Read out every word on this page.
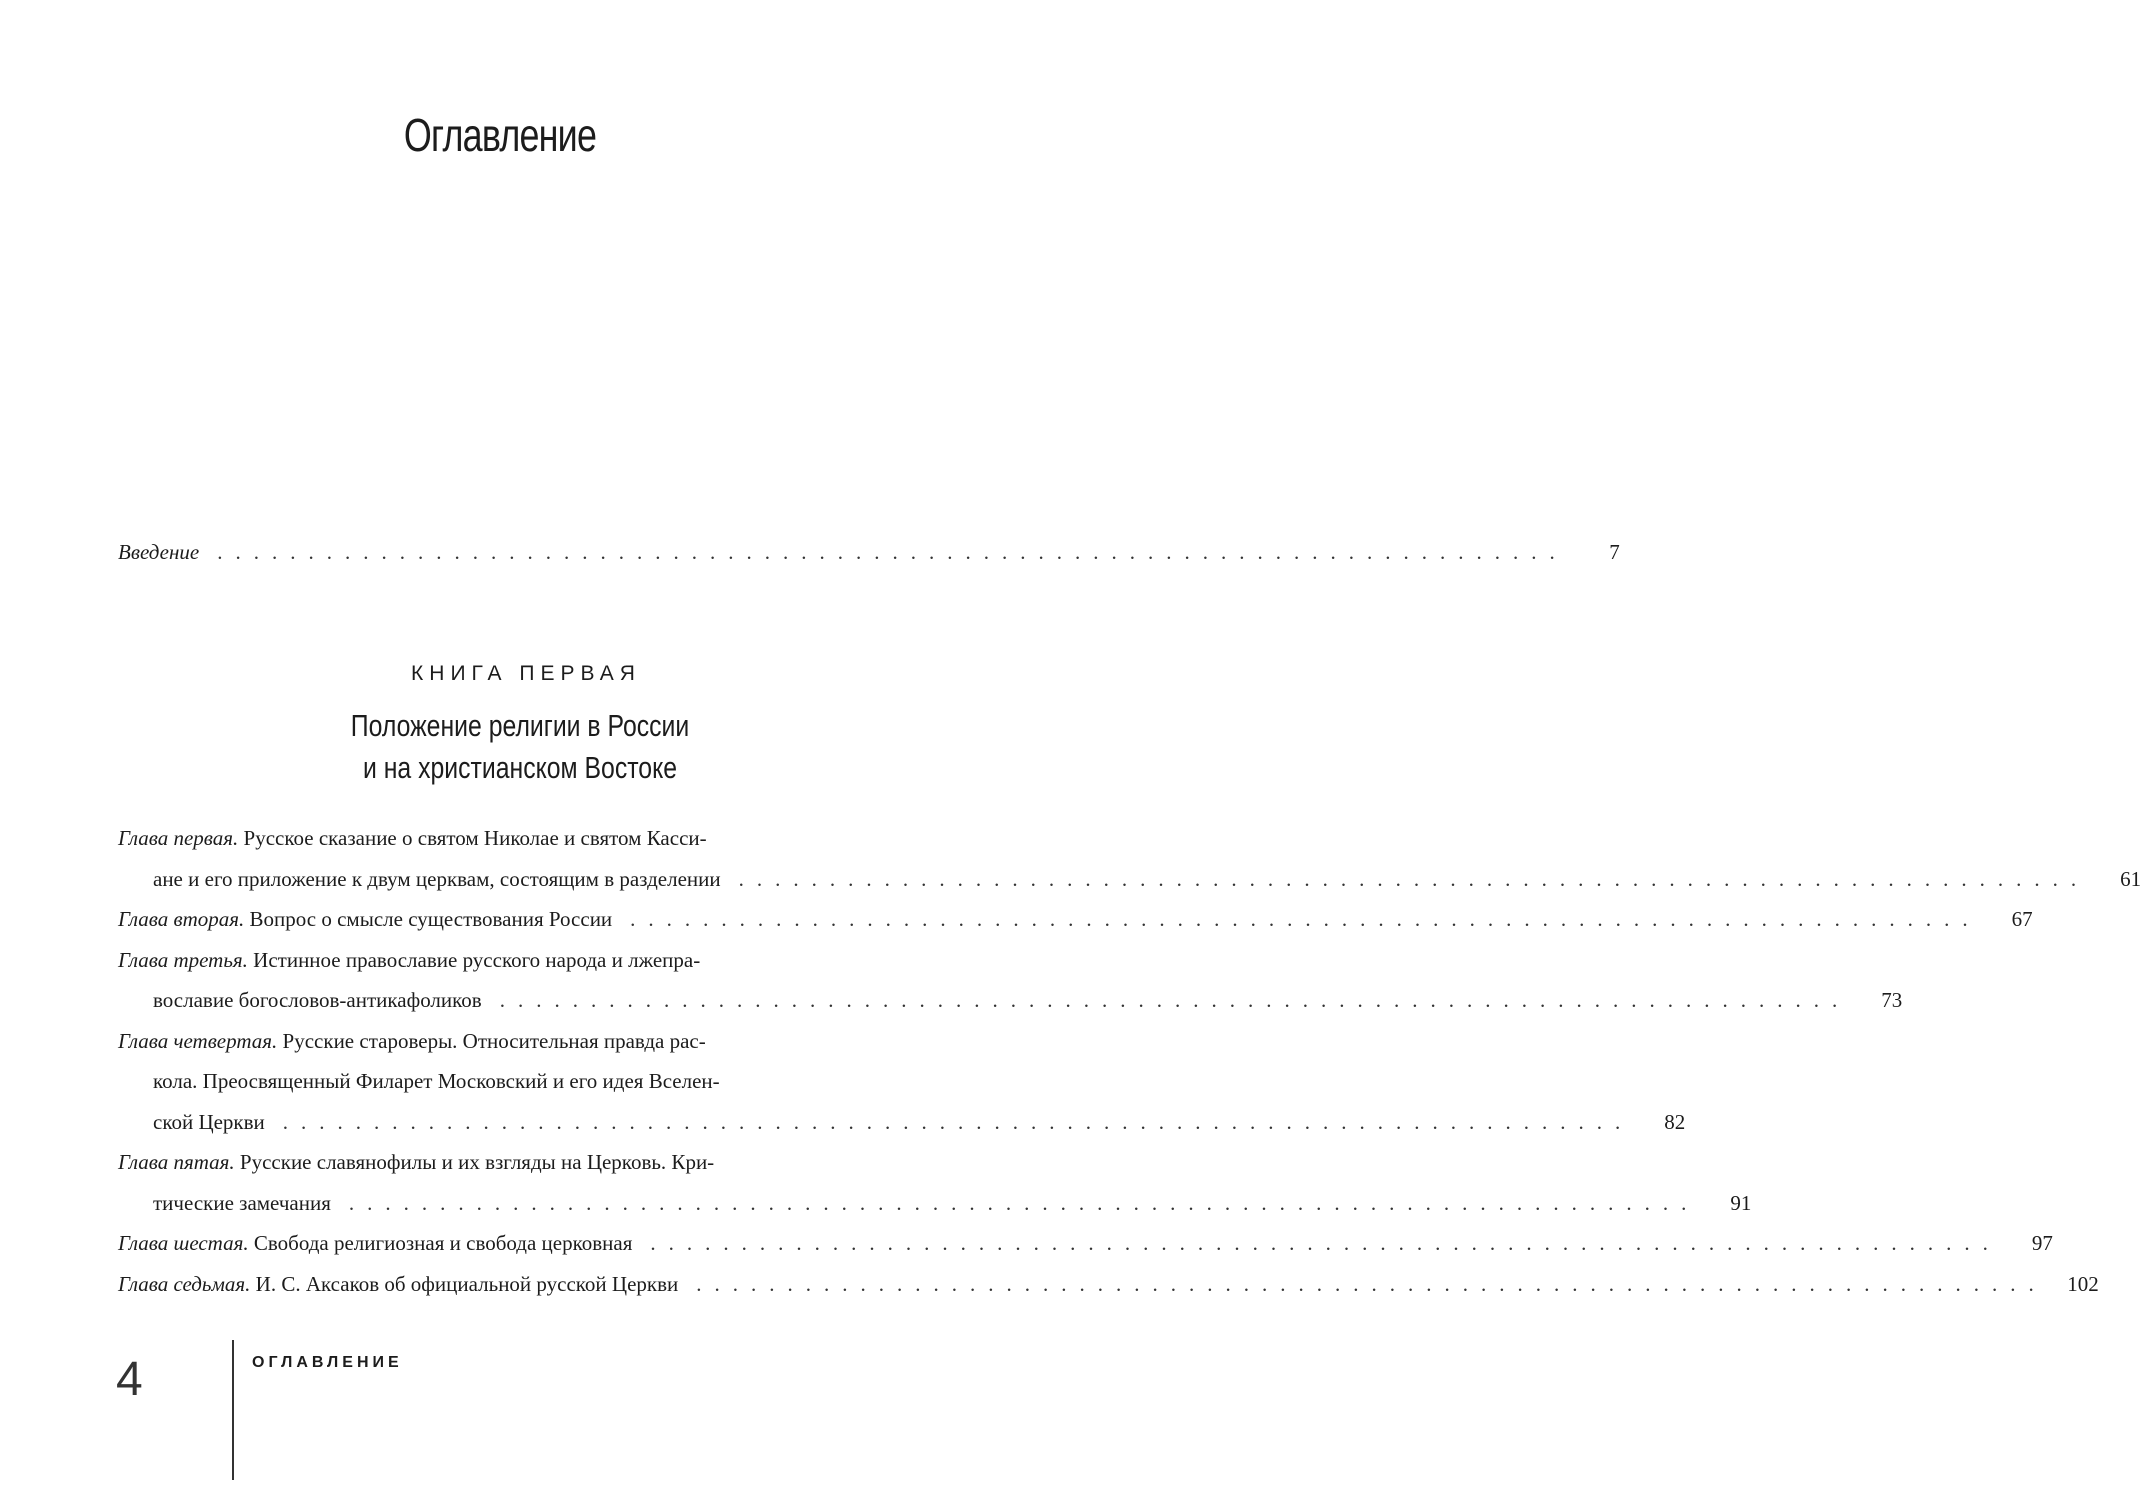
Оглавление
Введение ..........................................................................	7
КНИГА ПЕРВАЯ
Положение религии в России
и на христианском Востоке
Глава первая. Русское сказание о святом Николае и святом Касси-
ане и его приложение к двум церквам, состоящим в разделении ..........................................................................	61
Глава вторая. Вопрос о смысле существования России ..........................................................................	67
Глава третья. Истинное православие русского народа и лжепра-
вославие богословов-антикафоликов ..........................................................................	73
Глава четвертая. Русские староверы. Относительная правда рас-
кола. Преосвященный Филарет Московский и его идея Вселен-
ской Церкви ..........................................................................	82
Глава пятая. Русские славянофилы и их взгляды на Церковь. Кри-
тические замечания ..........................................................................	91
Глава шестая. Свобода религиозная и свобода церковная ..........................................................................	97
Глава седьмая. И. С. Аксаков об официальной русской Церкви .......................................................................... 102
4	ОГЛАВЛЕНИЕ
